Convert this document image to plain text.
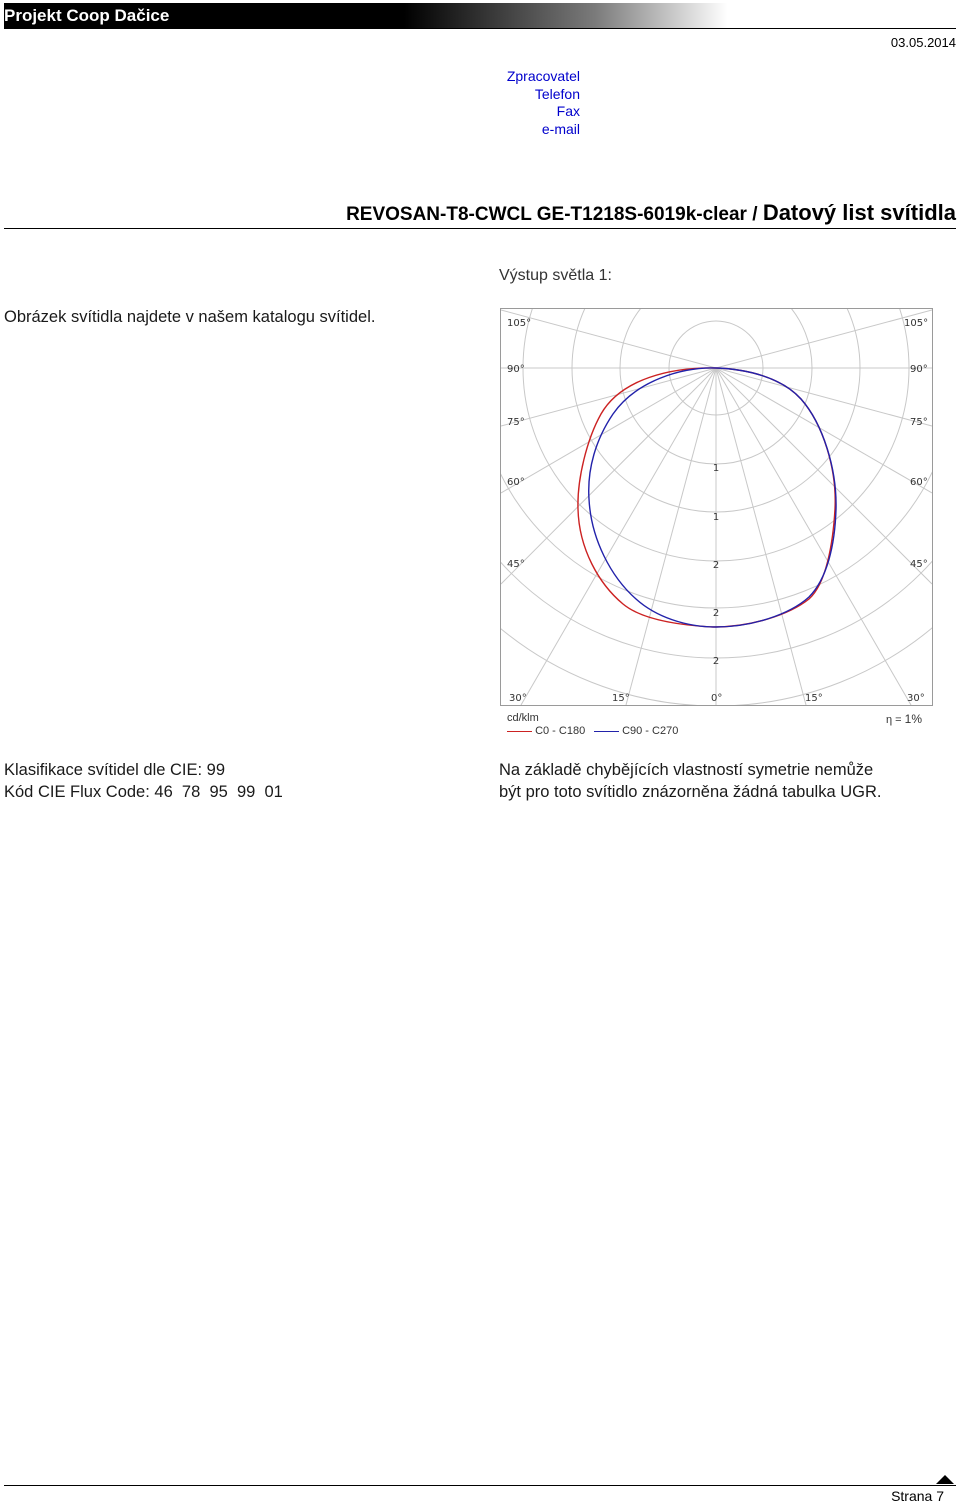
Projekt Coop Dačice
03.05.2014
Zpracovatel
Telefon
Fax
e-mail
REVOSAN-T8-CWCL GE-T1218S-6019k-clear / Datový list svítidla
Obrázek svítidla najdete v našem katalogu svítidel.
Výstup světla 1:
105°
90°
75°
60°
45°
105°
90°
75°
60°
45°
30°	15°	0°	15°	30°
1
1
2
2
2
cd/klm	η = 1%
C0 - C180	C90 - C270
Klasifikace svítidel dle CIE: 99
Kód CIE Flux Code: 46  78  95  99  01
Na základě chybějících vlastností symetrie nemůže
být pro toto svítidlo znázorněna žádná tabulka UGR.
Strana 7
